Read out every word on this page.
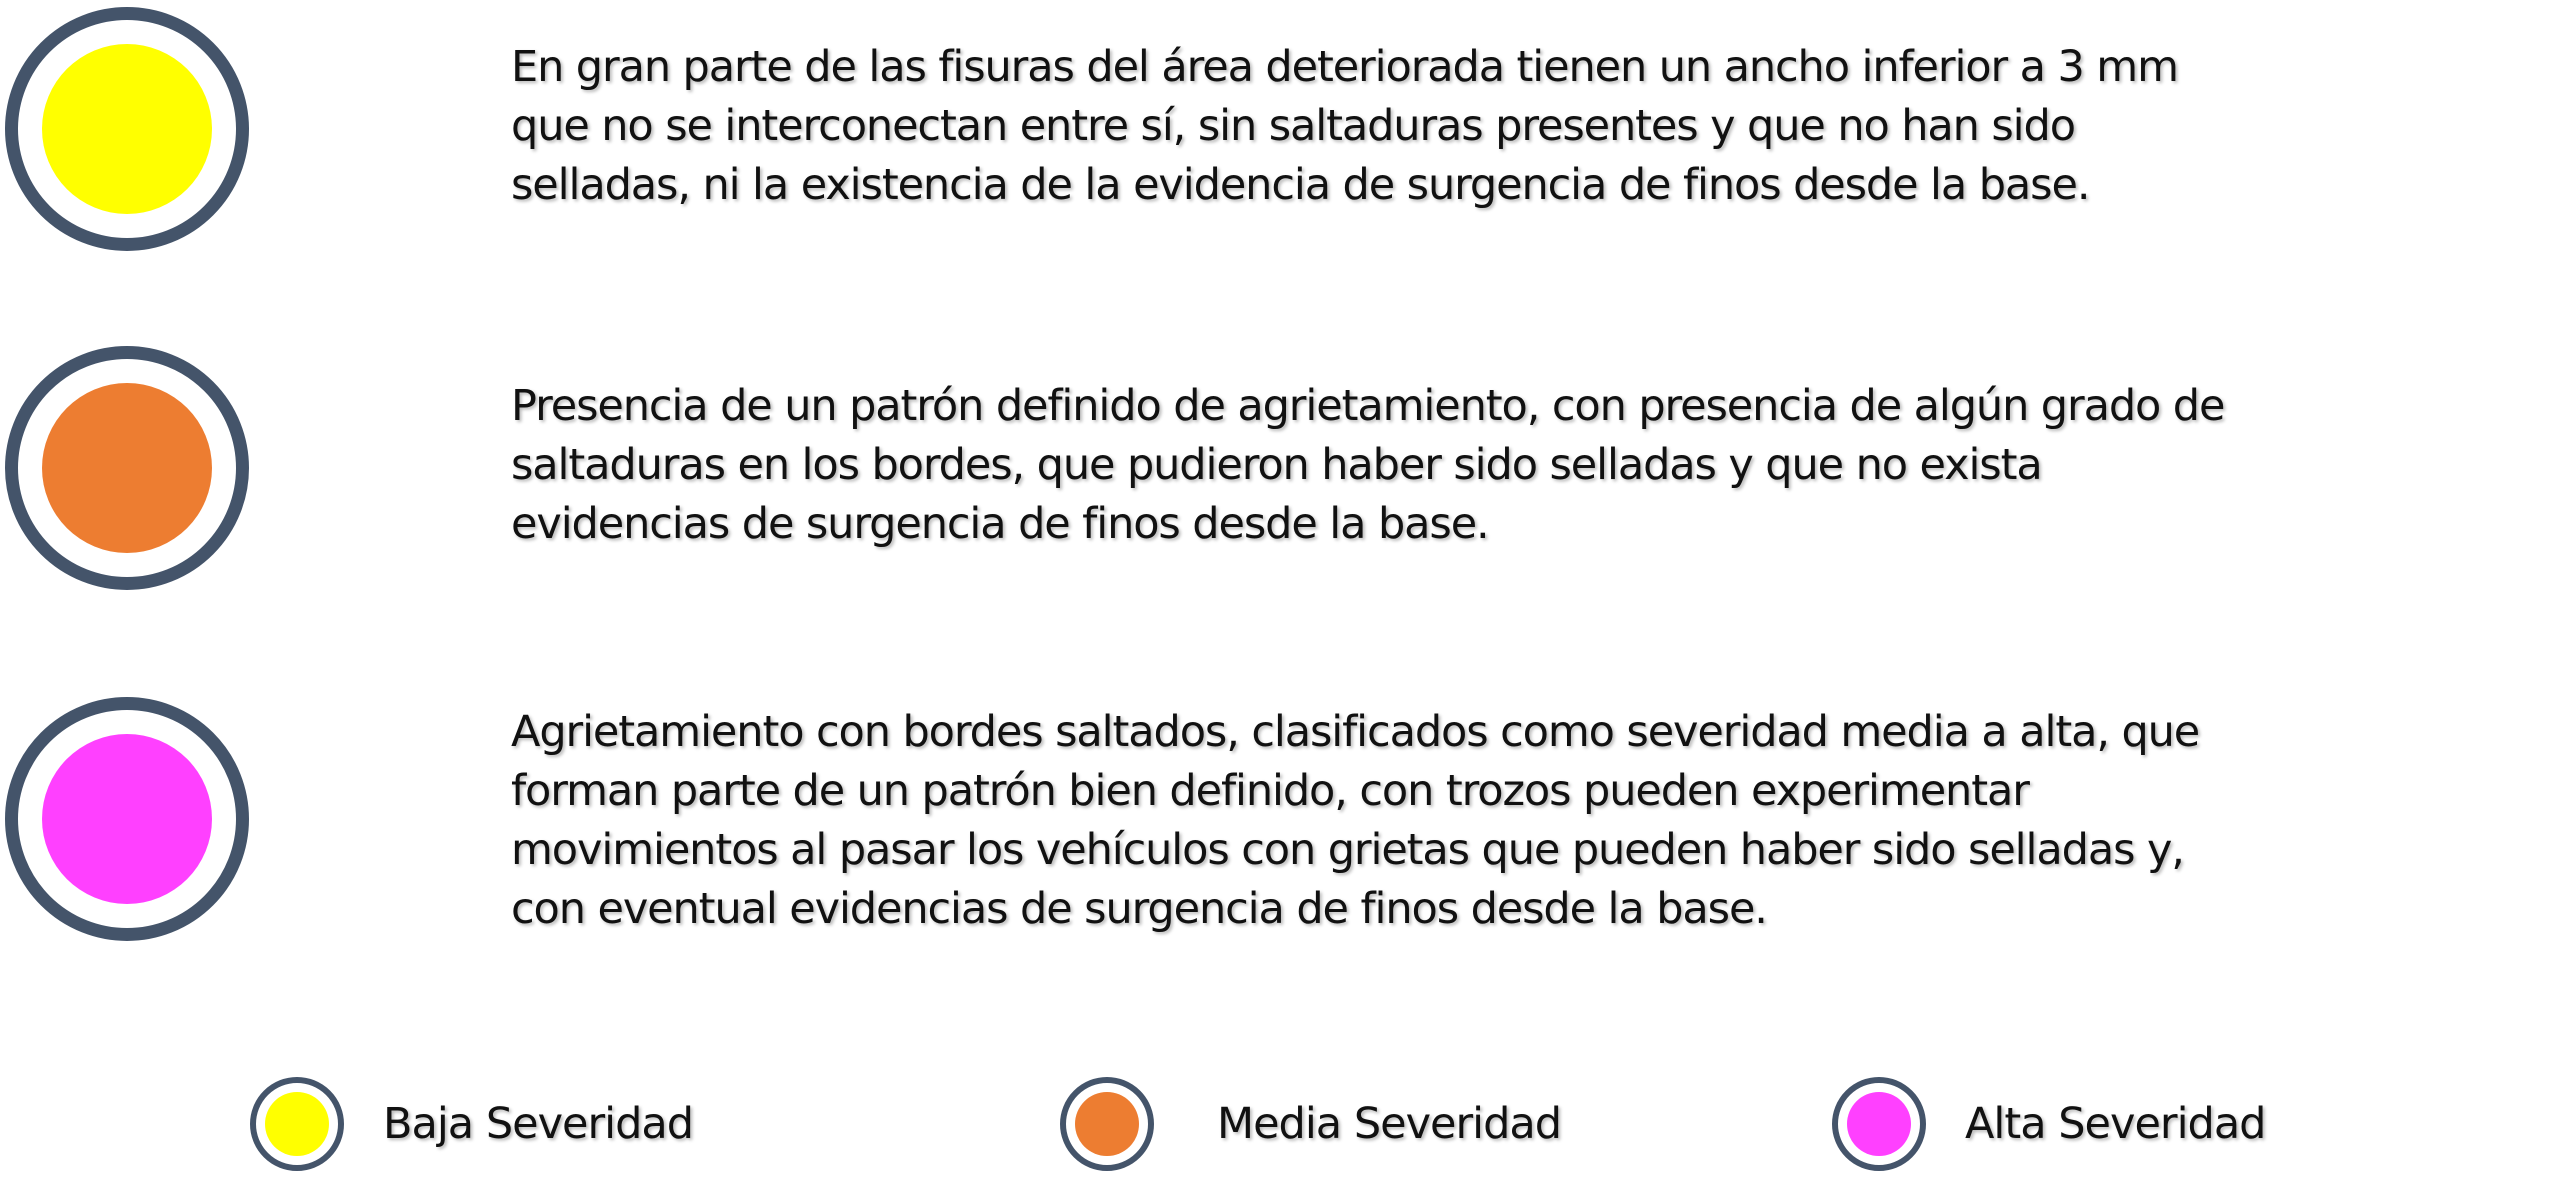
En gran parte de las fisuras del área deteriorada tienen un ancho inferior a 3 mm
que no se interconectan entre sí, sin saltaduras presentes y que no han sido
selladas, ni la existencia de la evidencia de surgencia de finos desde la base.

Presencia de un patrón definido de agrietamiento, con presencia de algún grado de
saltaduras en los bordes, que pudieron haber sido selladas y que no exista
evidencias de surgencia de finos desde la base.

Agrietamiento con bordes saltados, clasificados como severidad media a alta, que
forman parte de un patrón bien definido, con trozos pueden experimentar
movimientos al pasar los vehículos con grietas que pueden haber sido selladas y,
con eventual evidencias de surgencia de finos desde la base.

Baja Severidad	Media Severidad	Alta Severidad
